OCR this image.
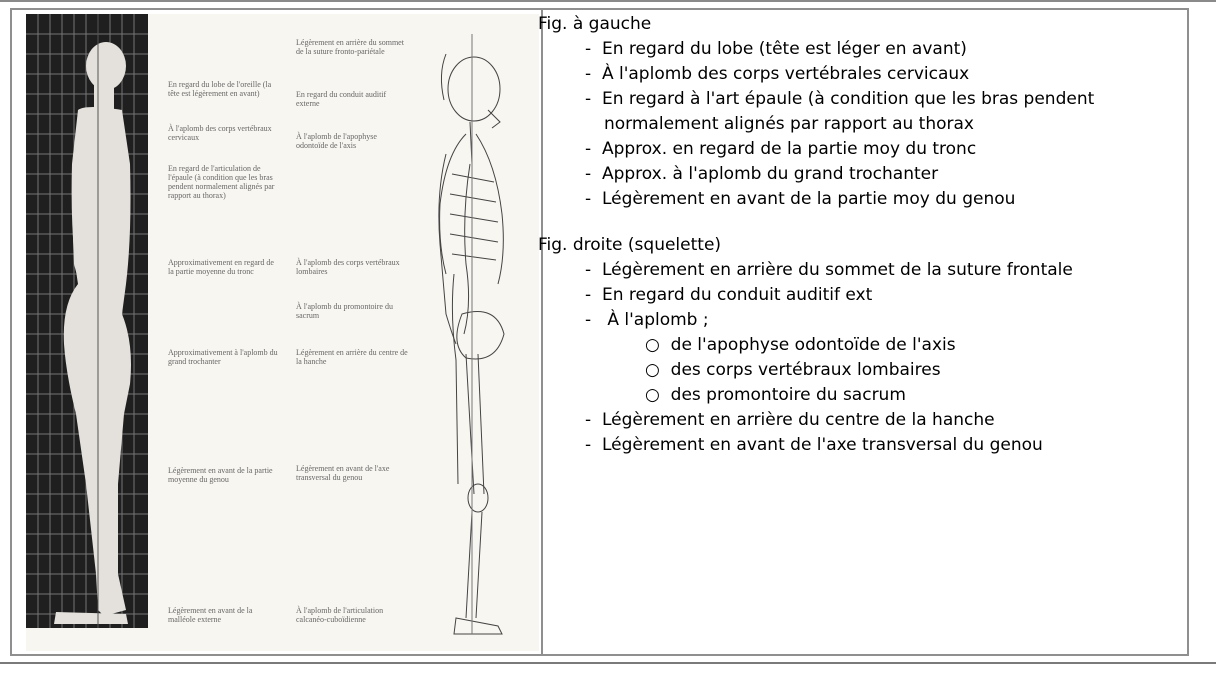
En regard du lobe de l'oreille (la tête est légèrement en avant)
À l'aplomb des corps vertébraux cervicaux
En regard de l'articulation de l'épaule (à condition que les bras pendent normalement alignés par rapport au thorax)
Approximativement en regard de la partie moyenne du tronc
Approximativement à l'aplomb du grand trochanter
Légèrement en avant de la partie moyenne du genou
Légèrement en avant de la malléole externe
Légèrement en arrière du sommet de la suture fronto-pariétale
En regard du conduit auditif externe
À l'aplomb de l'apophyse odontoïde de l'axis
À l'aplomb des corps vertébraux lombaires
À l'aplomb du promontoire du sacrum
Légèrement en arrière du centre de la hanche
Légèrement en avant de l'axe transversal du genou
À l'aplomb de l'articulation calcanéo-cuboïdienne
Fig. à gauche
-  En regard du lobe (tête est léger en avant)
-  À l'aplomb des corps vertébrales cervicaux
-  En regard à l'art épaule (à condition que les bras pendent normalement alignés par rapport au thorax
-  Approx. en regard de la partie moy du tronc
-  Approx. à l'aplomb du grand trochanter
-  Légèrement en avant de la partie moy du genou
Fig. droite (squelette)
-  Légèrement en arrière du sommet de la suture frontale
-  En regard du conduit auditif ext
-   À l'aplomb ;
○  de l'apophyse odontoïde de l'axis
○  des corps vertébraux lombaires
○  des promontoire du sacrum
-  Légèrement en arrière du centre de la hanche
-  Légèrement en avant de l'axe transversal du genou
